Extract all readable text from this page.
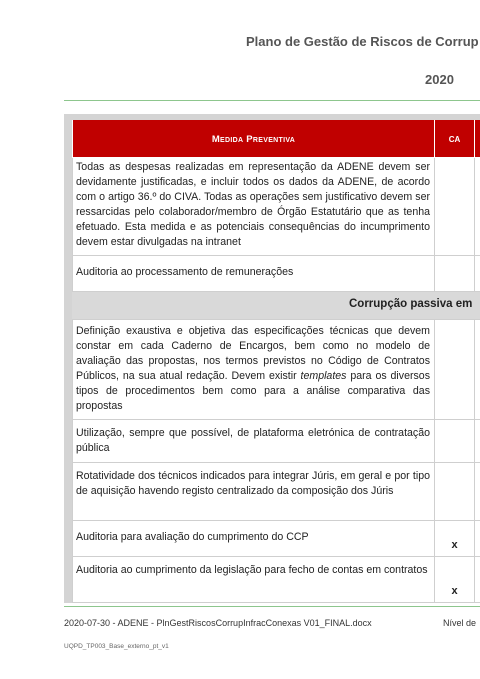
Plano de Gestão de Riscos de Corrup
2020
Medida Preventiva	CA
Todas as despesas realizadas em representação da ADENE devem ser devidamente justificadas, e incluir todos os dados da ADENE, de acordo com o artigo 36.º do CIVA. Todas as operações sem justificativo devem ser ressarcidas pelo colaborador/membro de Órgão Estatutário que as tenha efetuado. Esta medida e as potenciais consequências do incumprimento devem estar divulgadas na intranet
Auditoria ao processamento de remunerações
Corrupção passiva em
Definição exaustiva e objetiva das especificações técnicas que devem constar em cada Caderno de Encargos, bem como no modelo de avaliação das propostas, nos termos previstos no Código de Contratos Públicos, na sua atual redação. Devem existir templates para os diversos tipos de procedimentos bem como para a análise comparativa das propostas
Utilização, sempre que possível, de plataforma eletrónica de contratação pública
Rotatividade dos técnicos indicados para integrar Júris, em geral e por tipo de aquisição havendo registo centralizado da composição dos Júris
Auditoria para avaliação do cumprimento do CCP
x
Auditoria ao cumprimento da legislação para fecho de contas em contratos
x
2020-07-30 - ADENE - PlnGestRiscosCorrupInfracConexas V01_FINAL.docx	Nível de
UQPD_TP003_Base_externo_pt_v1
